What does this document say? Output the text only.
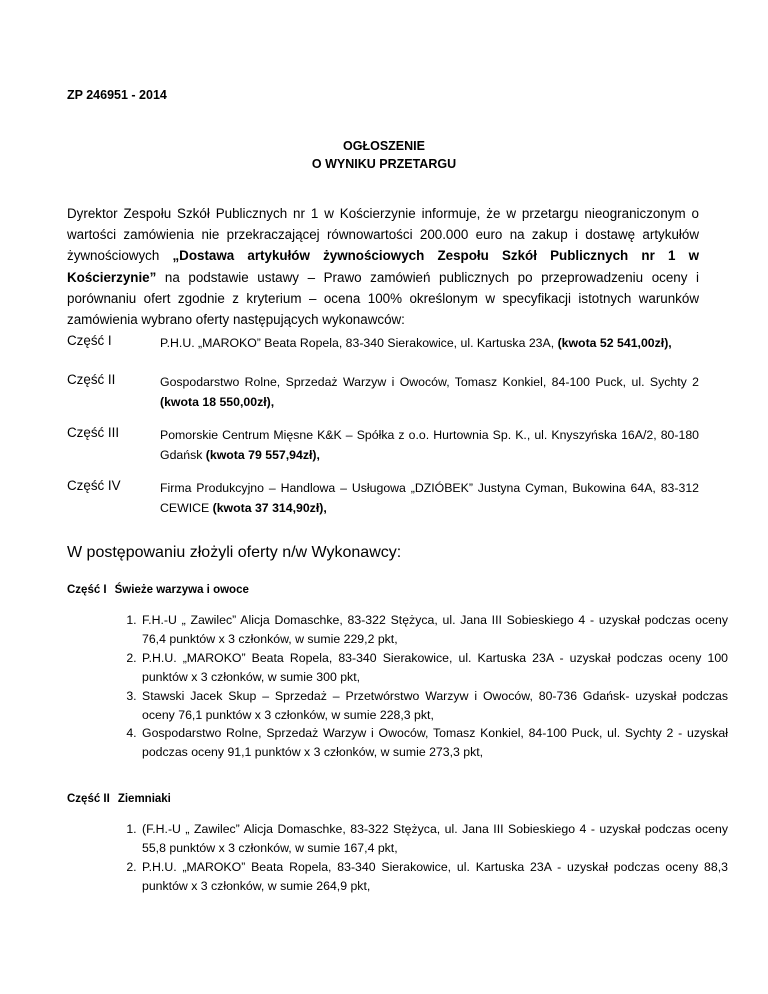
ZP 246951 - 2014
OGŁOSZENIE
O WYNIKU PRZETARGU
Dyrektor Zespołu Szkół Publicznych nr 1 w Kościerzynie informuje, że w przetargu nieograniczonym o wartości zamówienia nie przekraczającej równowartości 200.000 euro na zakup i dostawę artykułów żywnościowych „Dostawa artykułów żywnościowych Zespołu Szkół Publicznych nr 1 w Kościerzynie” na podstawie ustawy – Prawo zamówień publicznych po przeprowadzeniu oceny i porównaniu ofert zgodnie z kryterium – ocena 100% określonym w specyfikacji istotnych warunków zamówienia wybrano oferty następujących wykonawców:
Część I	P.H.U. „MAROKO” Beata Ropela, 83-340 Sierakowice, ul. Kartuska 23A, (kwota 52 541,00zł),
Część II	Gospodarstwo Rolne, Sprzedaż Warzyw i Owoców, Tomasz Konkiel, 84-100 Puck, ul. Sychty 2 (kwota 18 550,00zł),
Część III	Pomorskie Centrum Mięsne K&K – Spółka z o.o. Hurtownia Sp. K., ul. Knyszyńska 16A/2, 80-180 Gdańsk (kwota 79 557,94zł),
Część IV	Firma Produkcyjno – Handlowa – Usługowa „DZIÓBEK” Justyna Cyman, Bukowina 64A, 83-312 CEWICE (kwota 37 314,90zł),
W postępowaniu złożyli oferty n/w Wykonawcy:
Część I Świeże warzywa i owoce
1. F.H.-U „ Zawilec” Alicja Domaschke, 83-322 Stężyca, ul. Jana III Sobieskiego 4 - uzyskał podczas oceny 76,4 punktów x 3 członków, w sumie 229,2 pkt,
2. P.H.U. „MAROKO” Beata Ropela, 83-340 Sierakowice, ul. Kartuska 23A - uzyskał podczas oceny 100 punktów x 3 członków, w sumie 300 pkt,
3. Stawski Jacek Skup – Sprzedaż – Przetwórstwo Warzyw i Owoców, 80-736 Gdańsk- uzyskał podczas oceny 76,1 punktów x 3 członków, w sumie 228,3 pkt,
4. Gospodarstwo Rolne, Sprzedaż Warzyw i Owoców, Tomasz Konkiel, 84-100 Puck, ul. Sychty 2 - uzyskał podczas oceny 91,1 punktów x 3 członków, w sumie 273,3 pkt,
Część II Ziemniaki
1. (F.H.-U „ Zawilec” Alicja Domaschke, 83-322 Stężyca, ul. Jana III Sobieskiego 4 - uzyskał podczas oceny 55,8 punktów x 3 członków, w sumie 167,4 pkt,
2. P.H.U. „MAROKO” Beata Ropela, 83-340 Sierakowice, ul. Kartuska 23A - uzyskał podczas oceny 88,3 punktów x 3 członków, w sumie 264,9 pkt,
